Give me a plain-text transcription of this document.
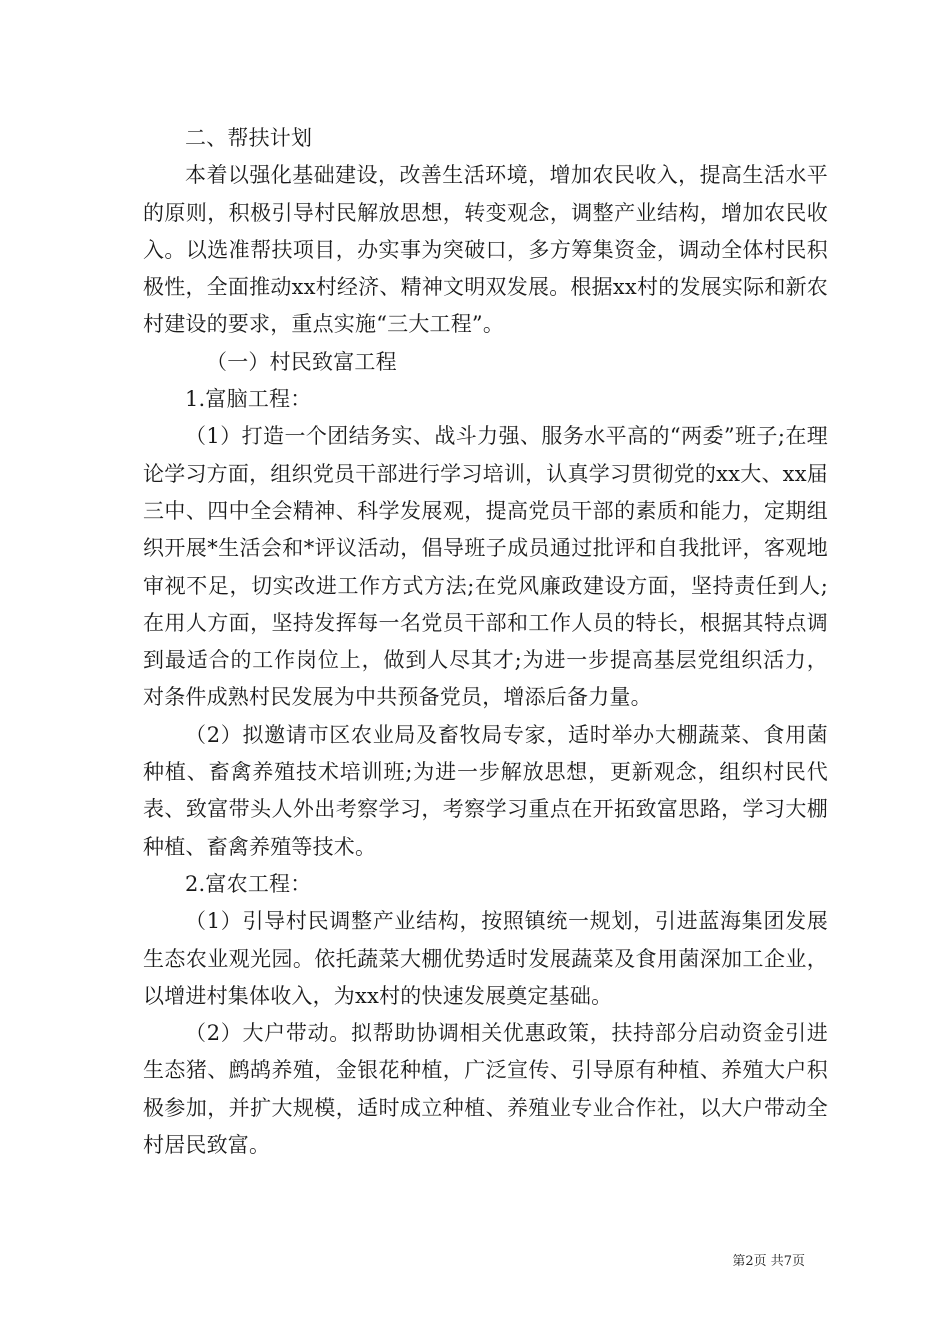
二、帮扶计划

本着以强化基础建设，改善生活环境，增加农民收入，提高生活水平的原则，积极引导村民解放思想，转变观念，调整产业结构，增加农民收入。以选准帮扶项目，办实事为突破口，多方筹集资金，调动全体村民积极性，全面推动xx村经济、精神文明双发展。根据xx村的发展实际和新农村建设的要求，重点实施“三大工程”。

（一）村民致富工程

1.富脑工程：

（1）打造一个团结务实、战斗力强、服务水平高的“两委”班子;在理论学习方面，组织党员干部进行学习培训，认真学习贯彻党的xx大、xx届三中、四中全会精神、科学发展观，提高党员干部的素质和能力，定期组织开展*生活会和*评议活动，倡导班子成员通过批评和自我批评，客观地审视不足，切实改进工作方式方法;在党风廉政建设方面，坚持责任到人;在用人方面，坚持发挥每一名党员干部和工作人员的特长，根据其特点调到最适合的工作岗位上，做到人尽其才;为进一步提高基层党组织活力，对条件成熟村民发展为中共预备党员，增添后备力量。

（2）拟邀请市区农业局及畜牧局专家，适时举办大棚蔬菜、食用菌种植、畜禽养殖技术培训班;为进一步解放思想，更新观念，组织村民代表、致富带头人外出考察学习，考察学习重点在开拓致富思路，学习大棚种植、畜禽养殖等技术。

2.富农工程：

（1）引导村民调整产业结构，按照镇统一规划，引进蓝海集团发展生态农业观光园。依托蔬菜大棚优势适时发展蔬菜及食用菌深加工企业，以增进村集体收入，为xx村的快速发展奠定基础。

（2）大户带动。拟帮助协调相关优惠政策，扶持部分启动资金引进生态猪、鹧鸪养殖，金银花种植，广泛宣传、引导原有种植、养殖大户积极参加，并扩大规模，适时成立种植、养殖业专业合作社，以大户带动全村居民致富。

第2页 共7页
